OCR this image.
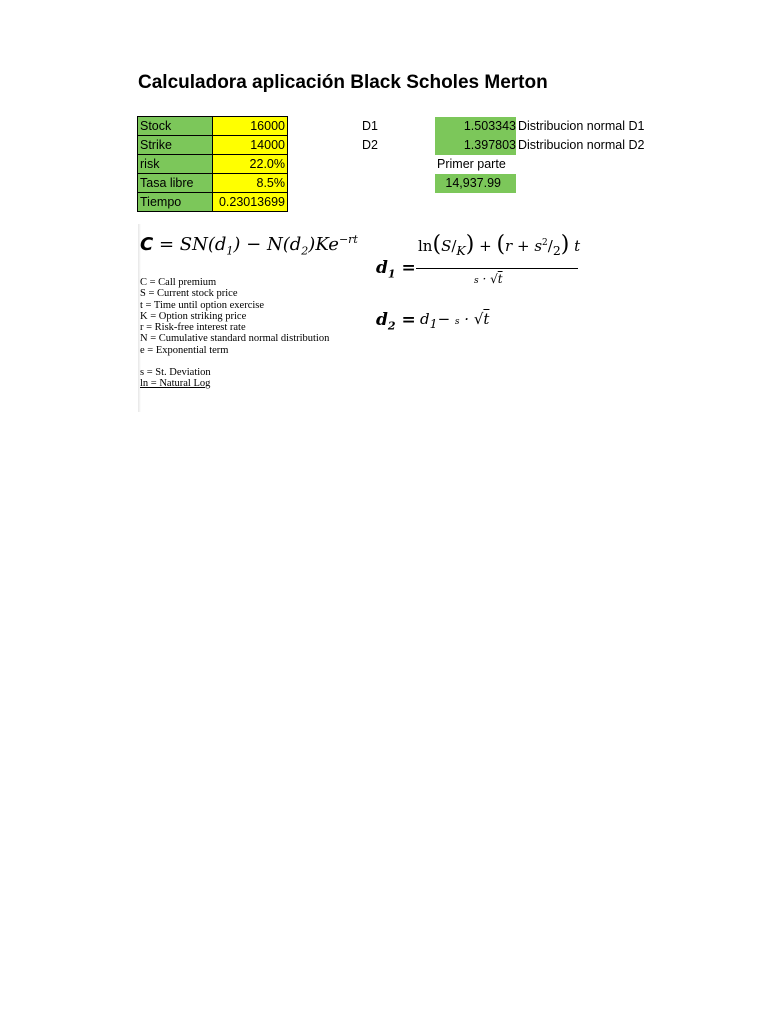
Calculadora aplicación Black Scholes Merton
Stock	16000
Strike	14000
risk	22.0%
Tasa libre	8.5%
Tiempo	0.23013699
D1	1.503343 Distribucion normal D1
D2	1.397803 Distribucion normal D2
Primer parte
14,937.99
$C = SN(d_1) - N(d_2)Ke^{-rt}$
C = Call premium
S = Current stock price
t = Time until option exercise
K = Option striking price
r = Risk-free interest rate
N = Cumulative standard normal distribution
e = Exponential term
s = St. Deviation
ln = Natural Log
$d_1$ =
$\ln(S/_K) + (r + s^2/_2)$ t
s · √t
$d_2 = d_1- s \cdot √t$
